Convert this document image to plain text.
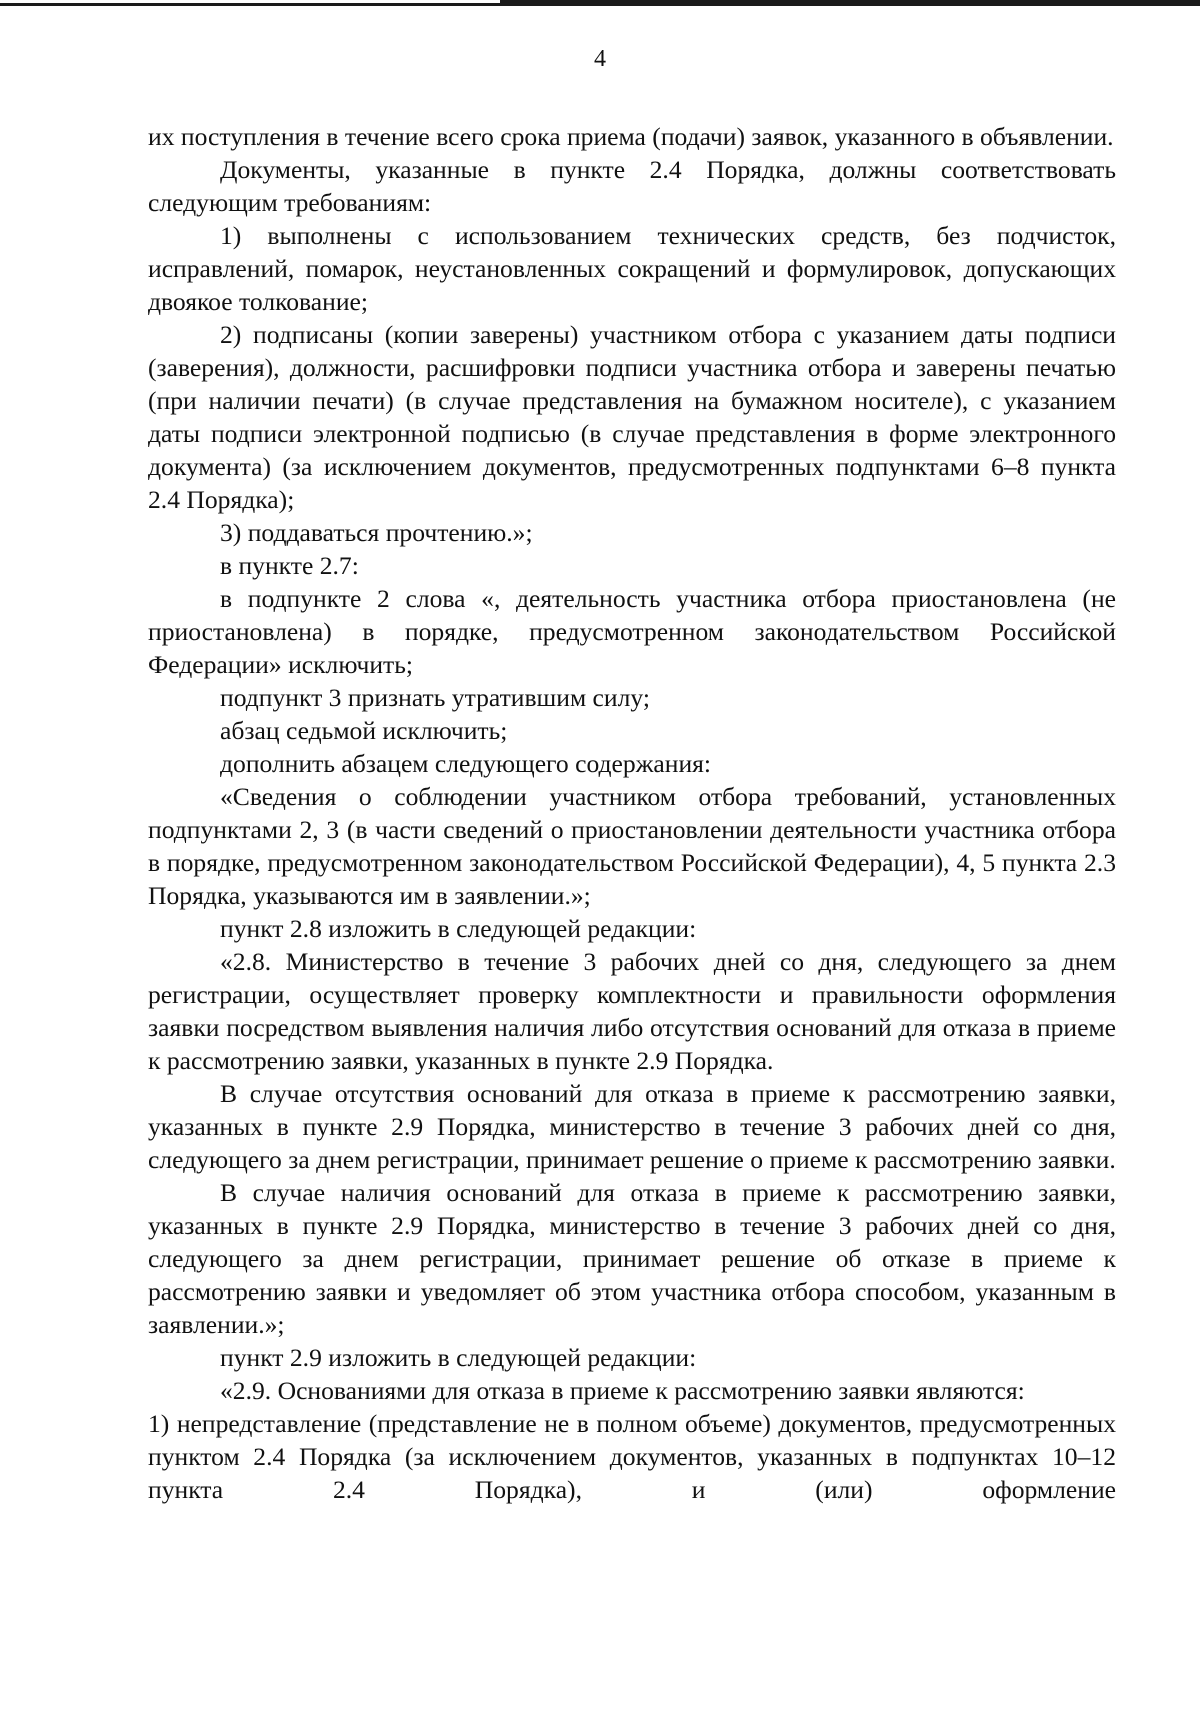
4

их поступления в течение всего срока приема (подачи) заявок, указанного в объявлении.

Документы, указанные в пункте 2.4 Порядка, должны соответствовать следующим требованиям:

1) выполнены с использованием технических средств, без подчисток, исправлений, помарок, неустановленных сокращений и формулировок, допускающих двоякое толкование;

2) подписаны (копии заверены) участником отбора с указанием даты подписи (заверения), должности, расшифровки подписи участника отбора и заверены печатью (при наличии печати) (в случае представления на бумажном носителе), с указанием даты подписи электронной подписью (в случае представления в форме электронного документа) (за исключением документов, предусмотренных подпунктами 6–8 пункта 2.4 Порядка);

3) поддаваться прочтению.»;

в пункте 2.7:

в подпункте 2 слова «, деятельность участника отбора приостановлена (не приостановлена) в порядке, предусмотренном законодательством Российской Федерации» исключить;

подпункт 3 признать утратившим силу;

абзац седьмой исключить;

дополнить абзацем следующего содержания:

«Сведения о соблюдении участником отбора требований, установленных подпунктами 2, 3 (в части сведений о приостановлении деятельности участника отбора в порядке, предусмотренном законодательством Российской Федерации), 4, 5 пункта 2.3 Порядка, указываются им в заявлении.»;

пункт 2.8 изложить в следующей редакции:

«2.8. Министерство в течение 3 рабочих дней со дня, следующего за днем регистрации, осуществляет проверку комплектности и правильности оформления заявки посредством выявления наличия либо отсутствия оснований для отказа в приеме к рассмотрению заявки, указанных в пункте 2.9 Порядка.

В случае отсутствия оснований для отказа в приеме к рассмотрению заявки, указанных в пункте 2.9 Порядка, министерство в течение 3 рабочих дней со дня, следующего за днем регистрации, принимает решение о приеме к рассмотрению заявки.

В случае наличия оснований для отказа в приеме к рассмотрению заявки, указанных в пункте 2.9 Порядка, министерство в течение 3 рабочих дней со дня, следующего за днем регистрации, принимает решение об отказе в приеме к рассмотрению заявки и уведомляет об этом участника отбора способом, указанным в заявлении.»;

пункт 2.9 изложить в следующей редакции:

«2.9. Основаниями для отказа в приеме к рассмотрению заявки являются:

1) непредставление (представление не в полном объеме) документов, предусмотренных пунктом 2.4 Порядка (за исключением документов, указанных в подпунктах 10–12 пункта 2.4 Порядка), и (или) оформление
